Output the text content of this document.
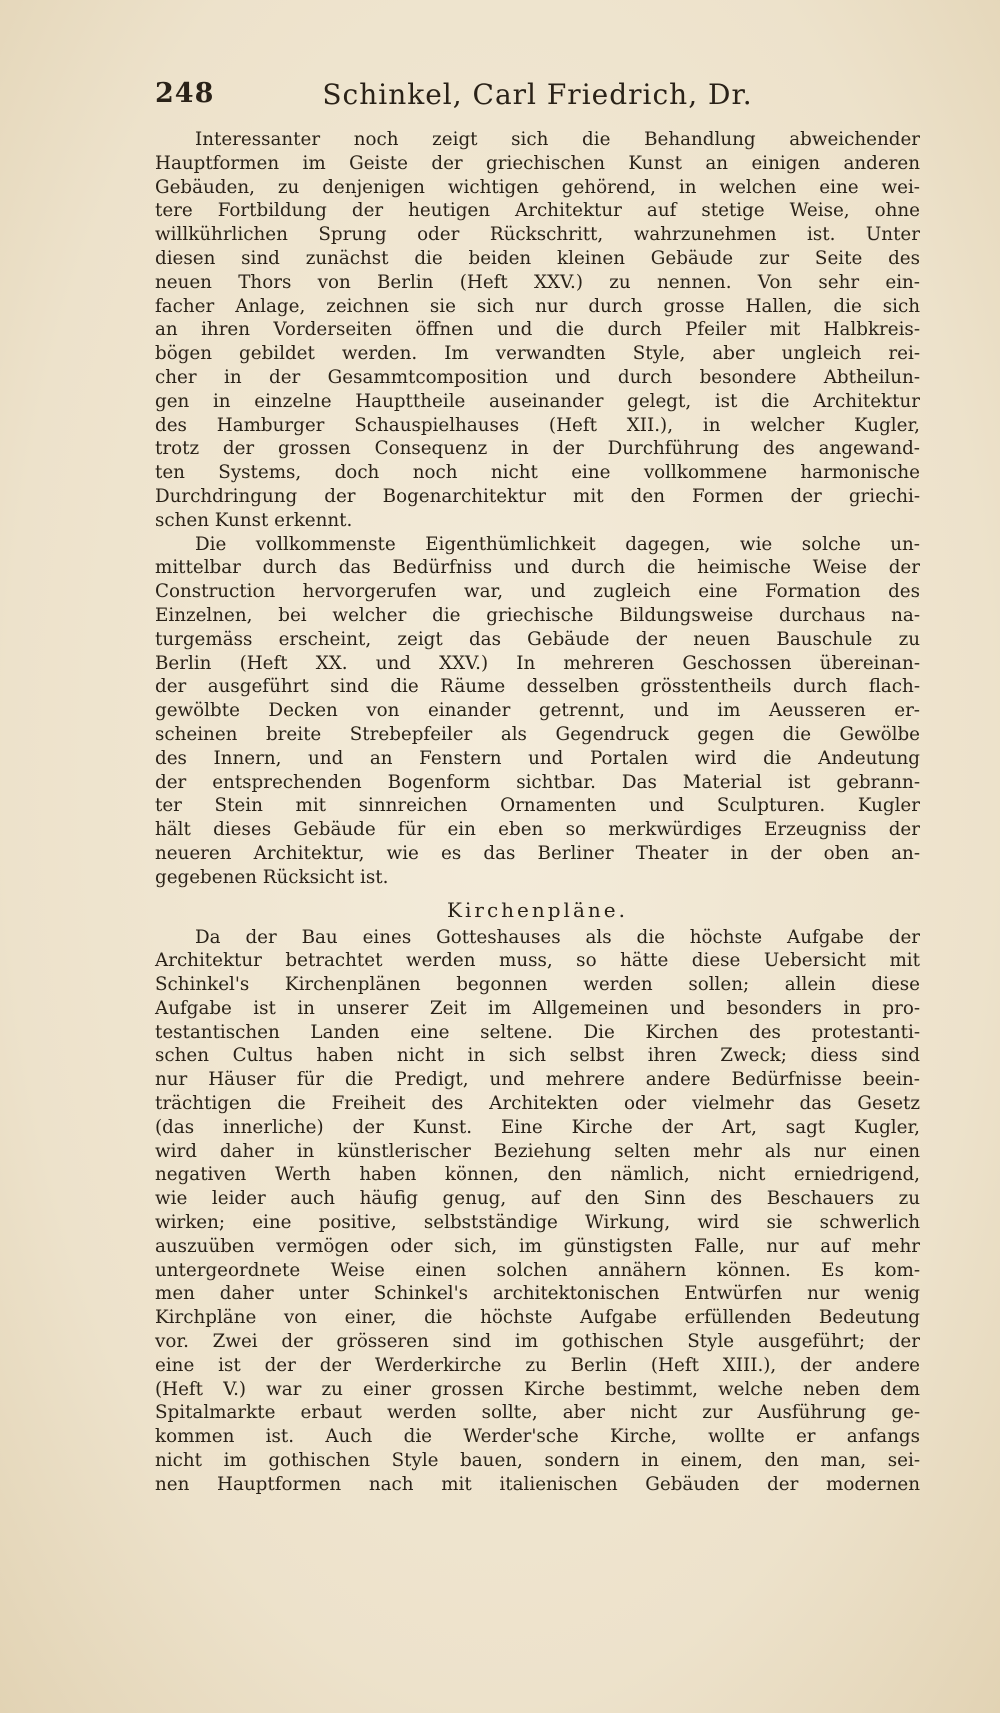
248	Schinkel, Carl Friedrich, Dr.
Interessanter noch zeigt sich die Behandlung abweichender
Hauptformen im Geiste der griechischen Kunst an einigen anderen
Gebäuden, zu denjenigen wichtigen gehörend, in welchen eine wei-
tere Fortbildung der heutigen Architektur auf stetige Weise, ohne
willkührlichen Sprung oder Rückschritt, wahrzunehmen ist. Unter
diesen sind zunächst die beiden kleinen Gebäude zur Seite des
neuen Thors von Berlin (Heft XXV.) zu nennen. Von sehr ein-
facher Anlage, zeichnen sie sich nur durch grosse Hallen, die sich
an ihren Vorderseiten öffnen und die durch Pfeiler mit Halbkreis-
bögen gebildet werden. Im verwandten Style, aber ungleich rei-
cher in der Gesammtcomposition und durch besondere Abtheilun-
gen in einzelne Haupttheile auseinander gelegt, ist die Architektur
des Hamburger Schauspielhauses (Heft XII.), in welcher Kugler,
trotz der grossen Consequenz in der Durchführung des angewand-
ten Systems, doch noch nicht eine vollkommene harmonische
Durchdringung der Bogenarchitektur mit den Formen der griechi-
schen Kunst erkennt.
Die vollkommenste Eigenthümlichkeit dagegen, wie solche un-
mittelbar durch das Bedürfniss und durch die heimische Weise der
Construction hervorgerufen war, und zugleich eine Formation des
Einzelnen, bei welcher die griechische Bildungsweise durchaus na-
turgemäss erscheint, zeigt das Gebäude der neuen Bauschule zu
Berlin (Heft XX. und XXV.) In mehreren Geschossen übereinan-
der ausgeführt sind die Räume desselben grösstentheils durch flach-
gewölbte Decken von einander getrennt, und im Aeusseren er-
scheinen breite Strebepfeiler als Gegendruck gegen die Gewölbe
des Innern, und an Fenstern und Portalen wird die Andeutung
der entsprechenden Bogenform sichtbar. Das Material ist gebrann-
ter Stein mit sinnreichen Ornamenten und Sculpturen. Kugler
hält dieses Gebäude für ein eben so merkwürdiges Erzeugniss der
neueren Architektur, wie es das Berliner Theater in der oben an-
gegebenen Rücksicht ist.
Kirchenpläne.
Da der Bau eines Gotteshauses als die höchste Aufgabe der
Architektur betrachtet werden muss, so hätte diese Uebersicht mit
Schinkel's Kirchenplänen begonnen werden sollen; allein diese
Aufgabe ist in unserer Zeit im Allgemeinen und besonders in pro-
testantischen Landen eine seltene. Die Kirchen des protestanti-
schen Cultus haben nicht in sich selbst ihren Zweck; diess sind
nur Häuser für die Predigt, und mehrere andere Bedürfnisse beein-
trächtigen die Freiheit des Architekten oder vielmehr das Gesetz
(das innerliche) der Kunst. Eine Kirche der Art, sagt Kugler,
wird daher in künstlerischer Beziehung selten mehr als nur einen
negativen Werth haben können, den nämlich, nicht erniedrigend,
wie leider auch häufig genug, auf den Sinn des Beschauers zu
wirken; eine positive, selbstständige Wirkung, wird sie schwerlich
auszuüben vermögen oder sich, im günstigsten Falle, nur auf mehr
untergeordnete Weise einen solchen annähern können. Es kom-
men daher unter Schinkel's architektonischen Entwürfen nur wenig
Kirchpläne von einer, die höchste Aufgabe erfüllenden Bedeutung
vor. Zwei der grösseren sind im gothischen Style ausgeführt; der
eine ist der der Werderkirche zu Berlin (Heft XIII.), der andere
(Heft V.) war zu einer grossen Kirche bestimmt, welche neben dem
Spitalmarkte erbaut werden sollte, aber nicht zur Ausführung ge-
kommen ist. Auch die Werder'sche Kirche, wollte er anfangs
nicht im gothischen Style bauen, sondern in einem, den man, sei-
nen Hauptformen nach mit italienischen Gebäuden der modernen
